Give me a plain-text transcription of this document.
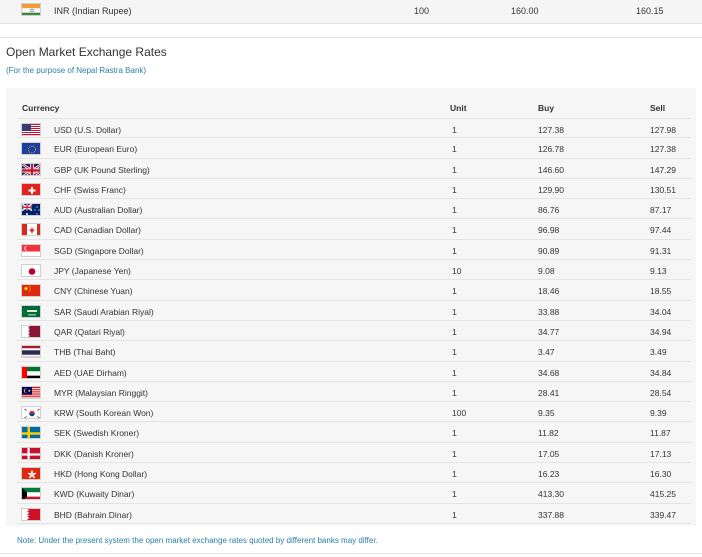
INR (Indian Rupee)	100	160.00	160.15
Open Market Exchange Rates
(For the purpose of Nepal Rastra Bank)
Currency	Unit	Buy	Sell
USD (U.S. Dollar)	1	127.38	127.98
EUR (European Euro)	1	126.78	127.38
GBP (UK Pound Sterling)	1	146.60	147.29
CHF (Swiss Franc)	1	129.90	130.51
AUD (Australian Dollar)	1	86.76	87.17
CAD (Canadian Dollar)	1	96.98	97.44
SGD (Singapore Dollar)	1	90.89	91.31
JPY (Japanese Yen)	10	9.08	9.13
CNY (Chinese Yuan)	1	18.46	18.55
SAR (Saudi Arabian Riyal)	1	33.88	34.04
QAR (Qatari Riyal)	1	34.77	34.94
THB (Thai Baht)	1	3.47	3.49
AED (UAE Dirham)	1	34.68	34.84
MYR (Malaysian Ringgit)	1	28.41	28.54
KRW (South Korean Won)	100	9.35	9.39
SEK (Swedish Kroner)	1	11.82	11.87
DKK (Danish Kroner)	1	17.05	17.13
HKD (Hong Kong Dollar)	1	16.23	16.30
KWD (Kuwaity Dinar)	1	413.30	415.25
BHD (Bahrain Dinar)	1	337.88	339.47
Note: Under the present system the open market exchange rates quoted by different banks may differ.
